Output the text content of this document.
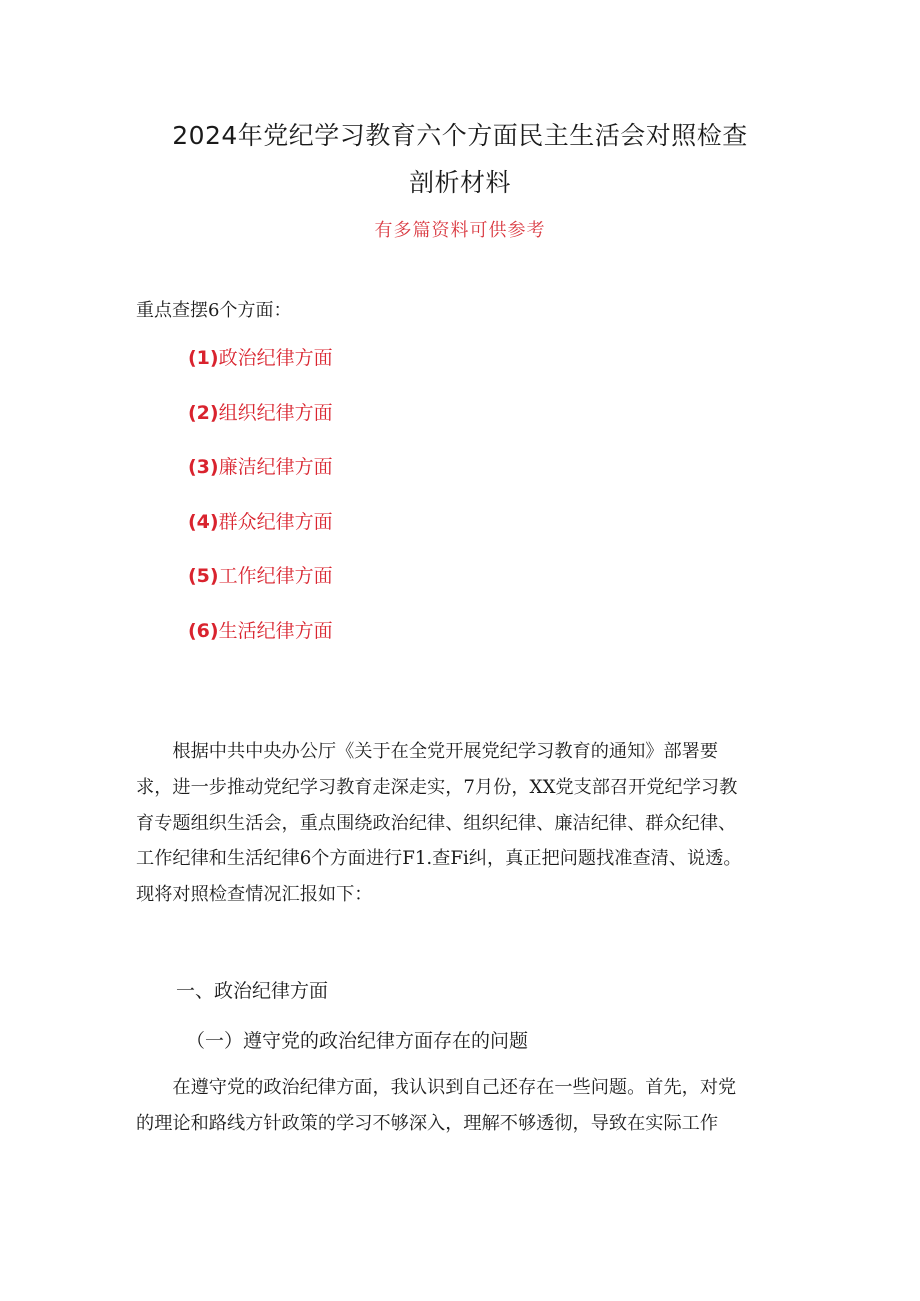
2024年党纪学习教育六个方面民主生活会对照检查
剖析材料
有多篇资料可供参考
重点查摆6个方面：
(1)政治纪律方面
(2)组织纪律方面
(3)廉洁纪律方面
(4)群众纪律方面
(5)工作纪律方面
(6)生活纪律方面
根据中共中央办公厅《关于在全党开展党纪学习教育的通知》部署要
求，进一步推动党纪学习教育走深走实，7月份，XX党支部召开党纪学习教
育专题组织生活会，重点围绕政治纪律、组织纪律、廉洁纪律、群众纪律、
工作纪律和生活纪律6个方面进行F1.查Fi纠，真正把问题找准查清、说透。
现将对照检查情况汇报如下：
一、政治纪律方面
（一）遵守党的政治纪律方面存在的问题
在遵守党的政治纪律方面，我认识到自己还存在一些问题。首先，对党
的理论和路线方针政策的学习不够深入，理解不够透彻，导致在实际工作
